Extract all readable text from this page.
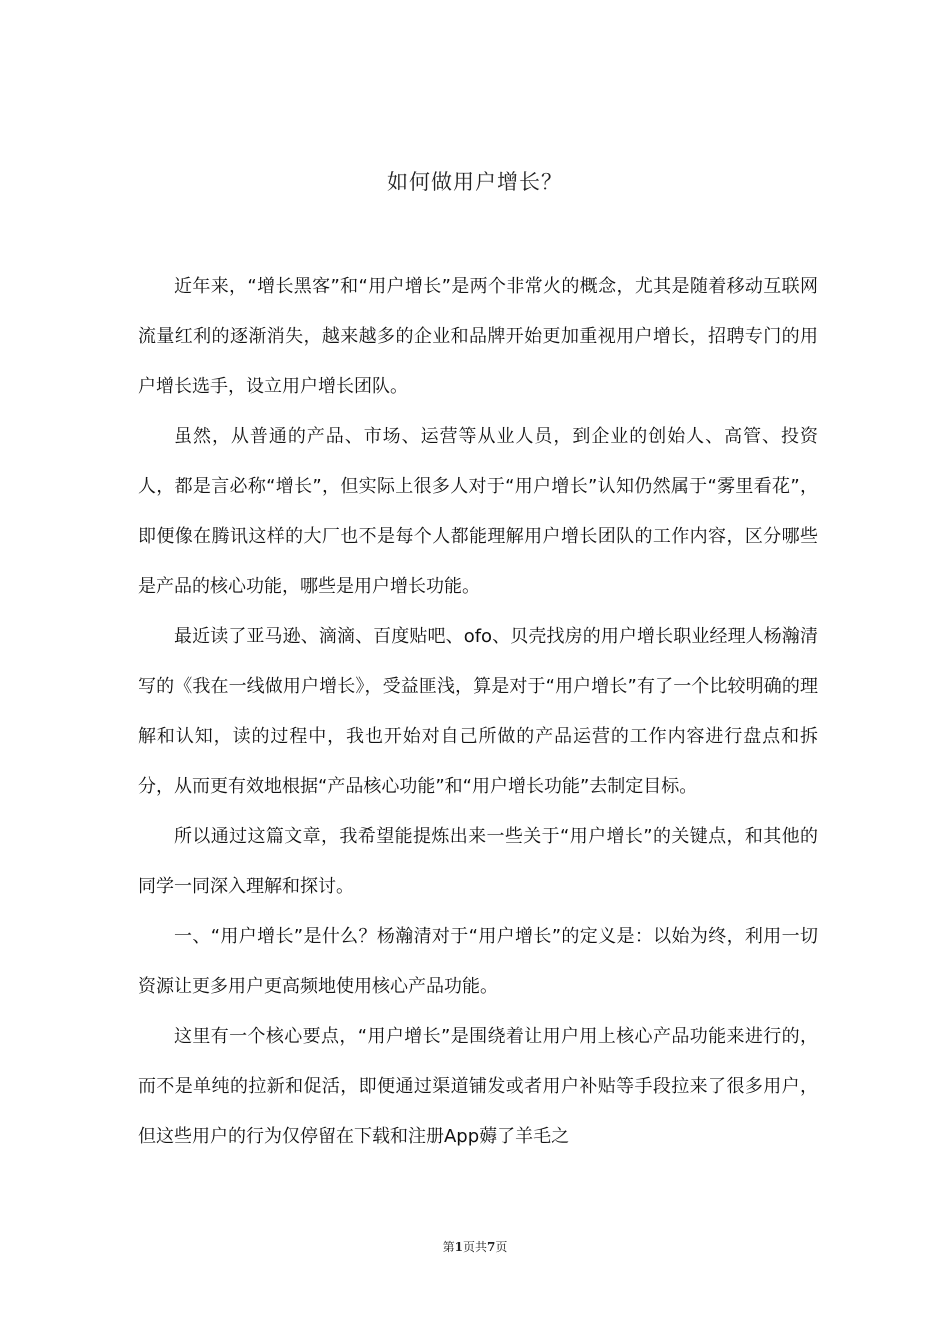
如何做用户增长？

近年来，“增长黑客”和“用户增长”是两个非常火的概念，尤其是随着移动互联网流量红利的逐渐消失，越来越多的企业和品牌开始更加重视用户增长，招聘专门的用户增长选手，设立用户增长团队。

虽然，从普通的产品、市场、运营等从业人员，到企业的创始人、高管、投资人，都是言必称“增长”，但实际上很多人对于“用户增长”认知仍然属于“雾里看花”，即便像在腾讯这样的大厂也不是每个人都能理解用户增长团队的工作内容，区分哪些是产品的核心功能，哪些是用户增长功能。

最近读了亚马逊、滴滴、百度贴吧、ofo、贝壳找房的用户增长职业经理人杨瀚清写的《我在一线做用户增长》，受益匪浅，算是对于“用户增长”有了一个比较明确的理解和认知，读的过程中，我也开始对自己所做的产品运营的工作内容进行盘点和拆分，从而更有效地根据“产品核心功能”和“用户增长功能”去制定目标。

所以通过这篇文章，我希望能提炼出来一些关于“用户增长”的关键点，和其他的同学一同深入理解和探讨。

一、“用户增长”是什么？杨瀚清对于“用户增长”的定义是：以始为终，利用一切资源让更多用户更高频地使用核心产品功能。

这里有一个核心要点，“用户增长”是围绕着让用户用上核心产品功能来进行的，而不是单纯的拉新和促活，即便通过渠道铺发或者用户补贴等手段拉来了很多用户，但这些用户的行为仅停留在下载和注册App薅了羊毛之

第1页共7页
